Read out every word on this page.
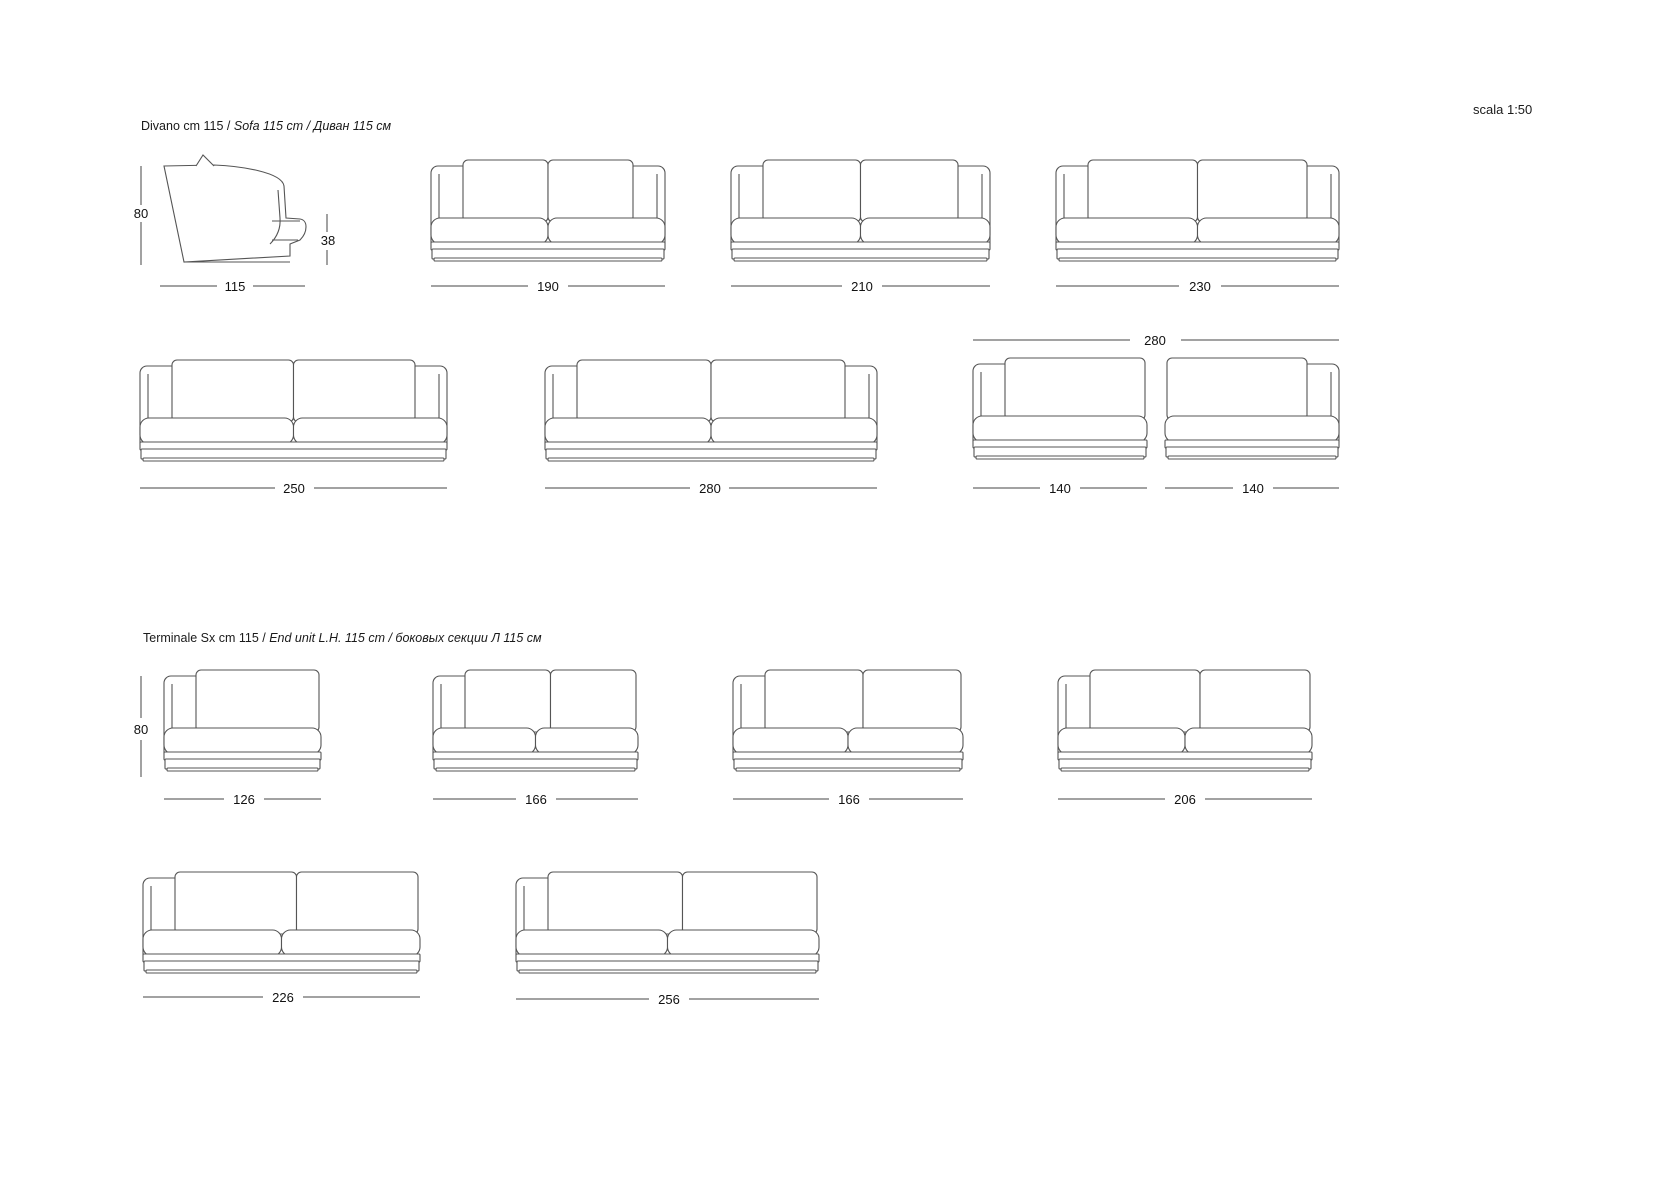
scala 1:50
Divano cm 115 / Sofa 115 cm / Диван 115 см
Terminale Sx cm 115 / End unit L.H. 115 cm / боковых секции Л 115 см
80
38
115	190	210	230
280
250	280	140	140
80
126	166	166	206
226	256
